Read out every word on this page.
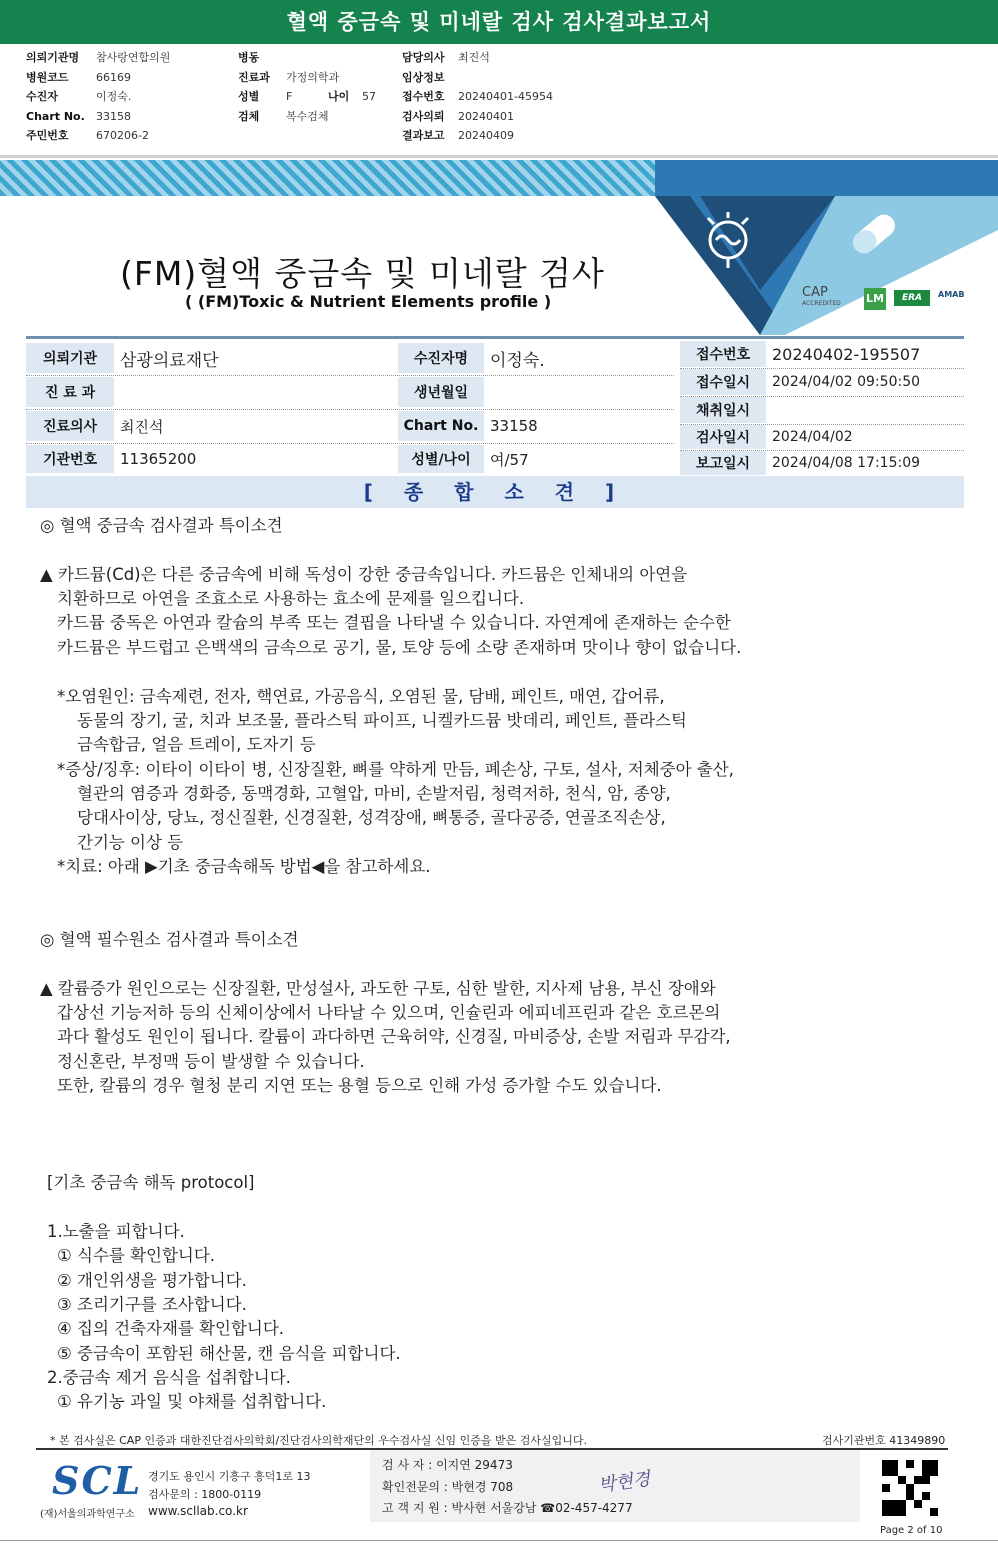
혈액 중금속 및 미네랄 검사 검사결과보고서
의뢰기관명	참사랑연합의원
병원코드	66169
수진자	이정숙.
Chart No.	33158
주민번호	670206-2
병동
진료과	가정의학과
성별	F	나이	57
검체	복수검체
담당의사	최진석
임상정보
접수번호	20240401-45954
검사의뢰	20240401
결과보고	20240409
CAP
ACCREDITED LM	ERA	AMAB
(FM)혈액 중금속 및 미네랄 검사
( (FM)Toxic & Nutrient Elements profile )
의뢰기관	삼광의료재단
진 료 과
진료의사	최진석
기관번호	11365200
수진자명	이정숙.
생년월일
Chart No. 33158
성별/나이	여/57
접수번호	20240402-195507
접수일시	2024/04/02 09:50:50
채취일시
검사일시	2024/04/02
보고일시	2024/04/08 17:15:09
[ 종 합 소 견 ]
◎ 혈액 중금속 검사결과 특이소견
▲ 카드뮴(Cd)은 다른 중금속에 비해 독성이 강한 중금속입니다. 카드뮴은 인체내의 아연을
치환하므로 아연을 조효소로 사용하는 효소에 문제를 일으킵니다.
카드뮴 중독은 아연과 칼슘의 부족 또는 결핍을 나타낼 수 있습니다. 자연계에 존재하는 순수한
카드뮴은 부드럽고 은백색의 금속으로 공기, 물, 토양 등에 소량 존재하며 맛이나 향이 없습니다.
*오염원인: 금속제련, 전자, 핵연료, 가공음식, 오염된 물, 담배, 페인트, 매연, 갑어류,
동물의 장기, 굴, 치과 보조물, 플라스틱 파이프, 니켈카드뮴 밧데리, 페인트, 플라스틱
금속합금, 얼음 트레이, 도자기 등
*증상/징후: 이타이 이타이 병, 신장질환, 뼈를 약하게 만듬, 폐손상, 구토, 설사, 저체중아 출산,
혈관의 염증과 경화증, 동맥경화, 고혈압, 마비, 손발저림, 청력저하, 천식, 암, 종양,
당대사이상, 당뇨, 정신질환, 신경질환, 성격장애, 뼈통증, 골다공증, 연골조직손상,
간기능 이상 등
*치료: 아래 ▶기초 중금속해독 방법◀을 참고하세요.
◎ 혈액 필수원소 검사결과 특이소견
▲ 칼륨증가 원인으로는 신장질환, 만성설사, 과도한 구토, 심한 발한, 지사제 남용, 부신 장애와
갑상선 기능저하 등의 신체이상에서 나타날 수 있으며, 인슐린과 에피네프린과 같은 호르몬의
과다 활성도 원인이 됩니다. 칼륨이 과다하면 근육허약, 신경질, 마비증상, 손발 저림과 무감각,
정신혼란, 부정맥 등이 발생할 수 있습니다.
또한, 칼륨의 경우 혈청 분리 지연 또는 용혈 등으로 인해 가성 증가할 수도 있습니다.
[기초 중금속 해독 protocol]
1.노출을 피합니다.
① 식수를 확인합니다.
② 개인위생을 평가합니다.
③ 조리기구를 조사합니다.
④ 집의 건축자재를 확인합니다.
⑤ 중금속이 포함된 해산물, 캔 음식을 피합니다.
2.중금속 제거 음식을 섭취합니다.
① 유기농 과일 및 야채를 섭취합니다.
* 본 검사실은 CAP 인증과 대한진단검사의학회/진단검사의학재단의 우수검사실 신임 인증을 받은 검사실입니다.	검사기관번호 41349890
SCL
(재)서울의과학연구소
경기도 용인시 기흥구 흥덕1로 13
검사문의 : 1800-0119
www.scllab.co.kr
검 사 자 : 이지연 29473
확인전문의 : 박현경 708
고 객 지 원 : 박사현 서울강남 ☎02-457-4277
박현경
Page 2 of 10
